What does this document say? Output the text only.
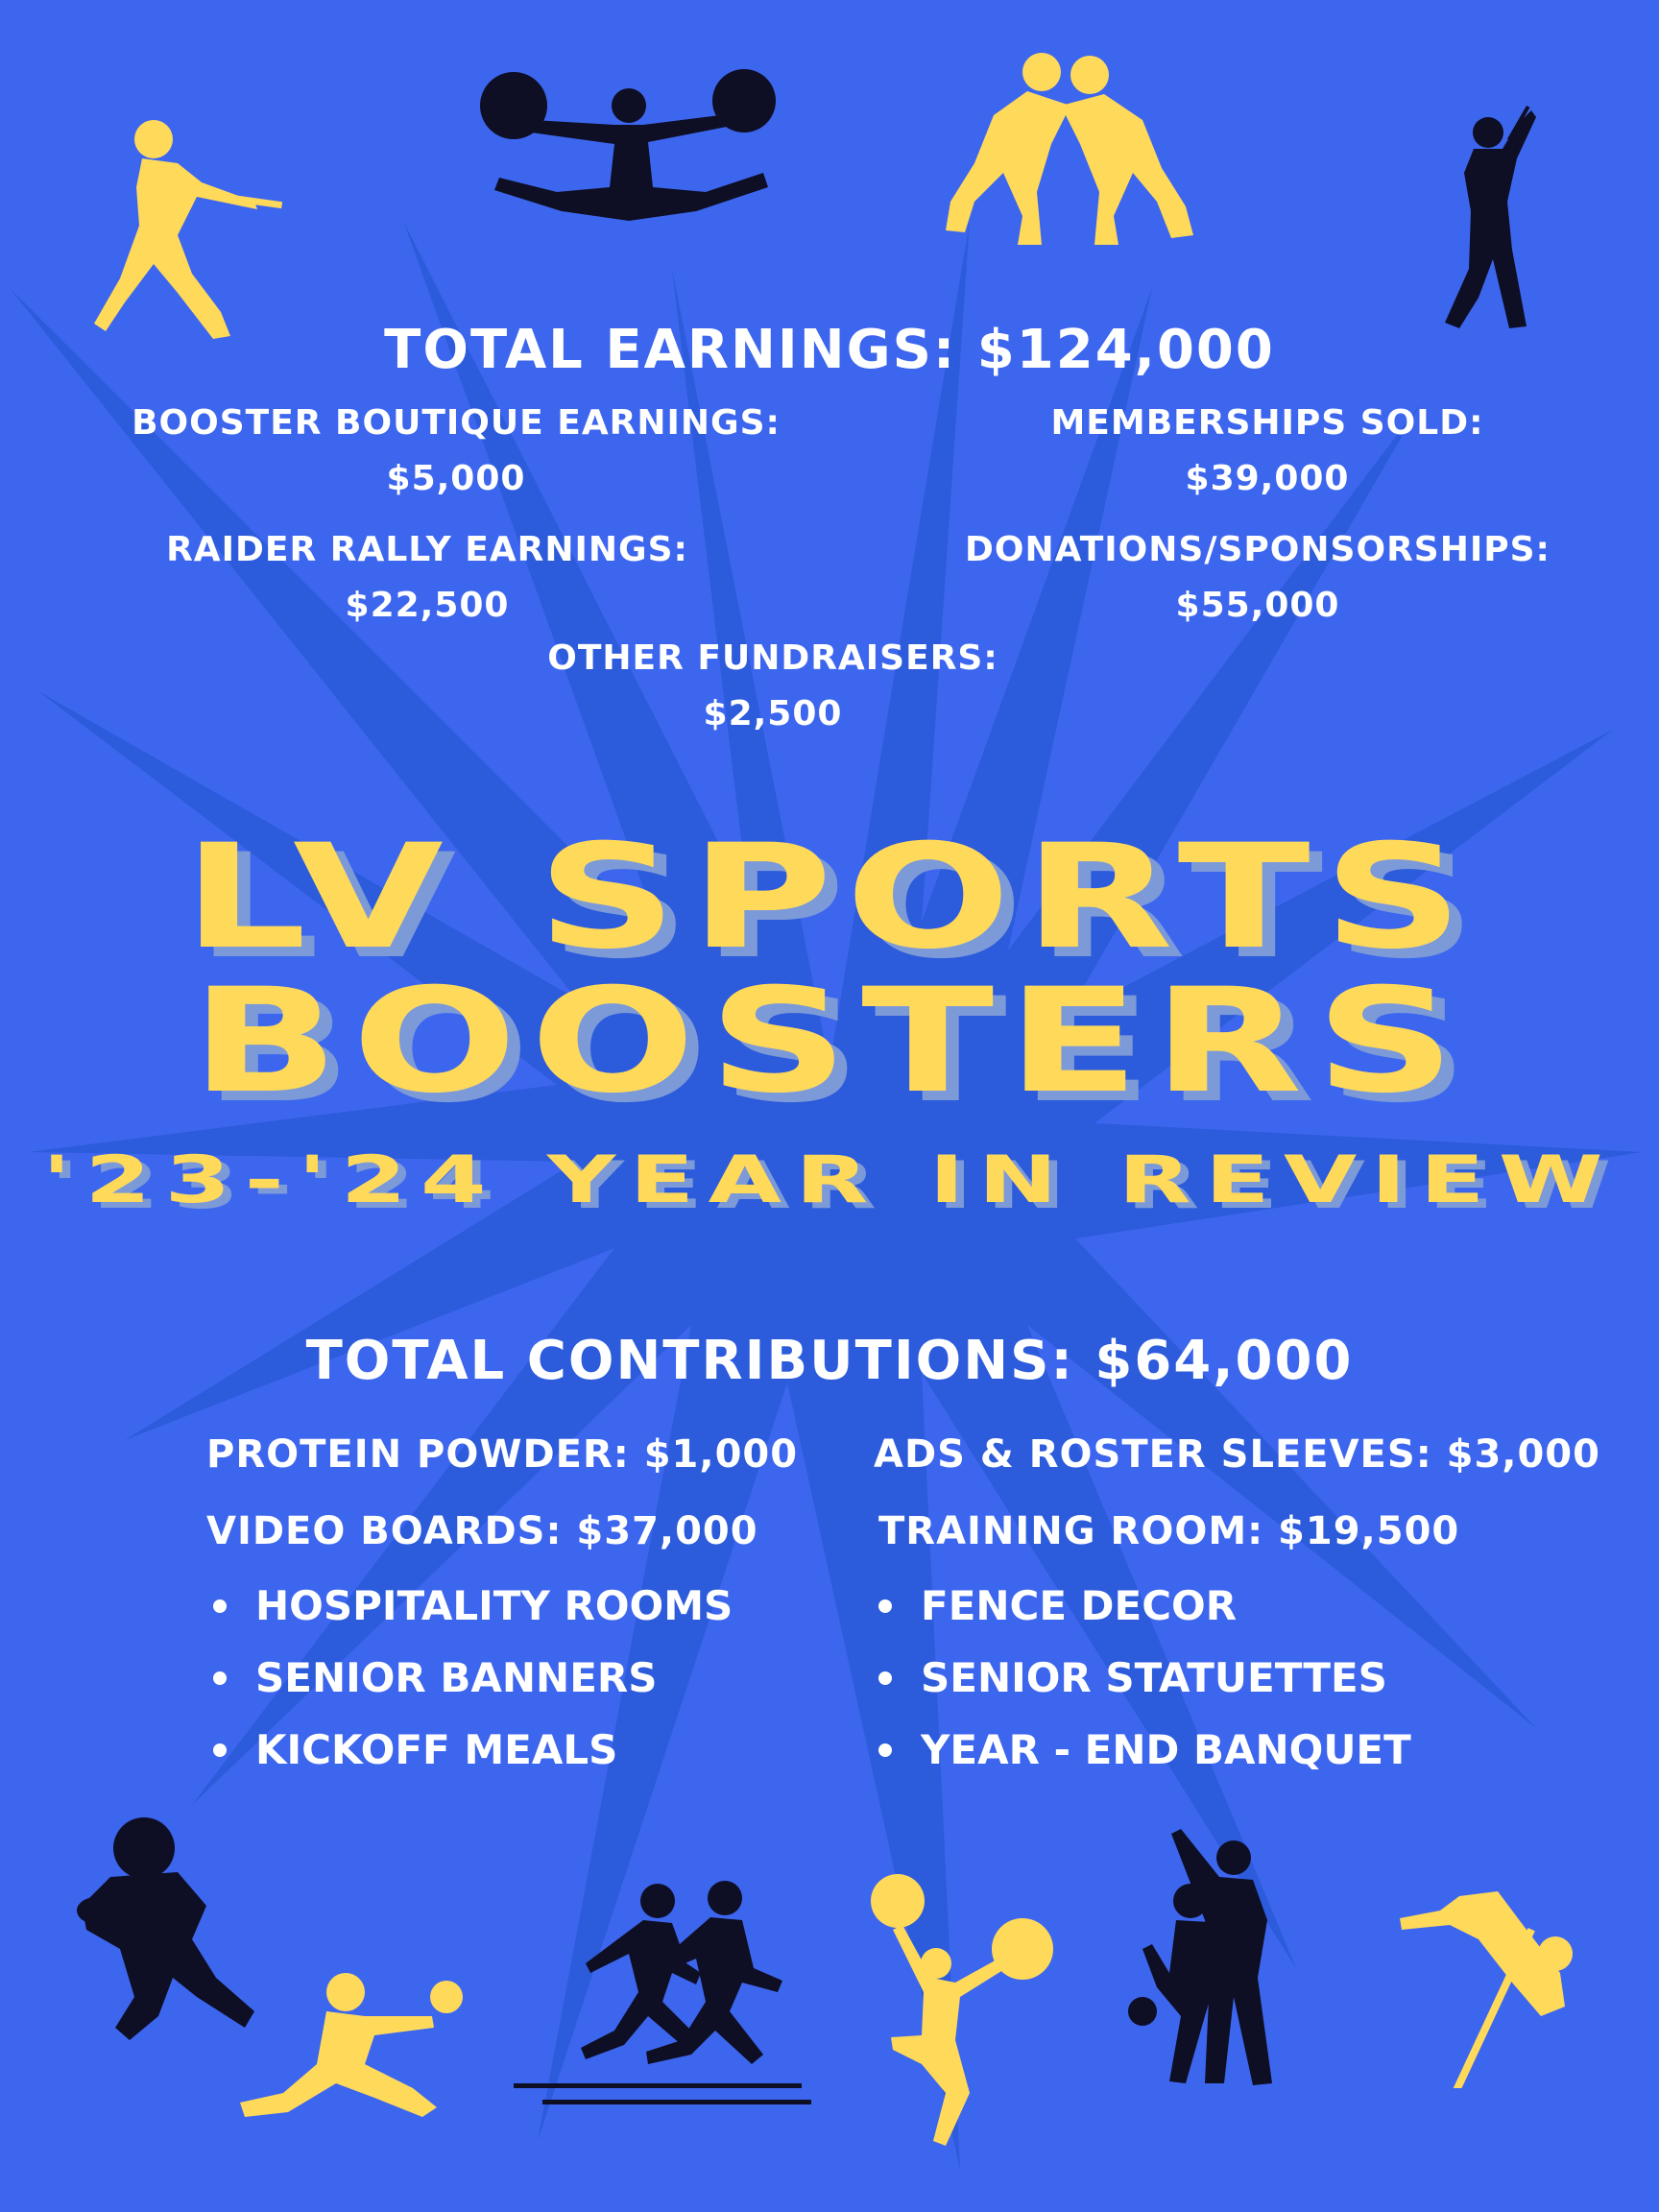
TOTAL EARNINGS: $124,000
BOOSTER BOUTIQUE EARNINGS:
$5,000
MEMBERSHIPS SOLD:
$39,000
RAIDER RALLY EARNINGS:
$22,500
DONATIONS/SPONSORSHIPS:
$55,000
OTHER FUNDRAISERS:
$2,500
LV SPORTS
BOOSTERS
'23-'24 YEAR IN REVIEW
TOTAL CONTRIBUTIONS: $64,000
PROTEIN POWDER: $1,000
VIDEO BOARDS: $37,000
ADS & ROSTER SLEEVES: $3,000
TRAINING ROOM: $19,500
HOSPITALITY ROOMS
SENIOR BANNERS
KICKOFF MEALS
FENCE DECOR
SENIOR STATUETTES
YEAR - END BANQUET
